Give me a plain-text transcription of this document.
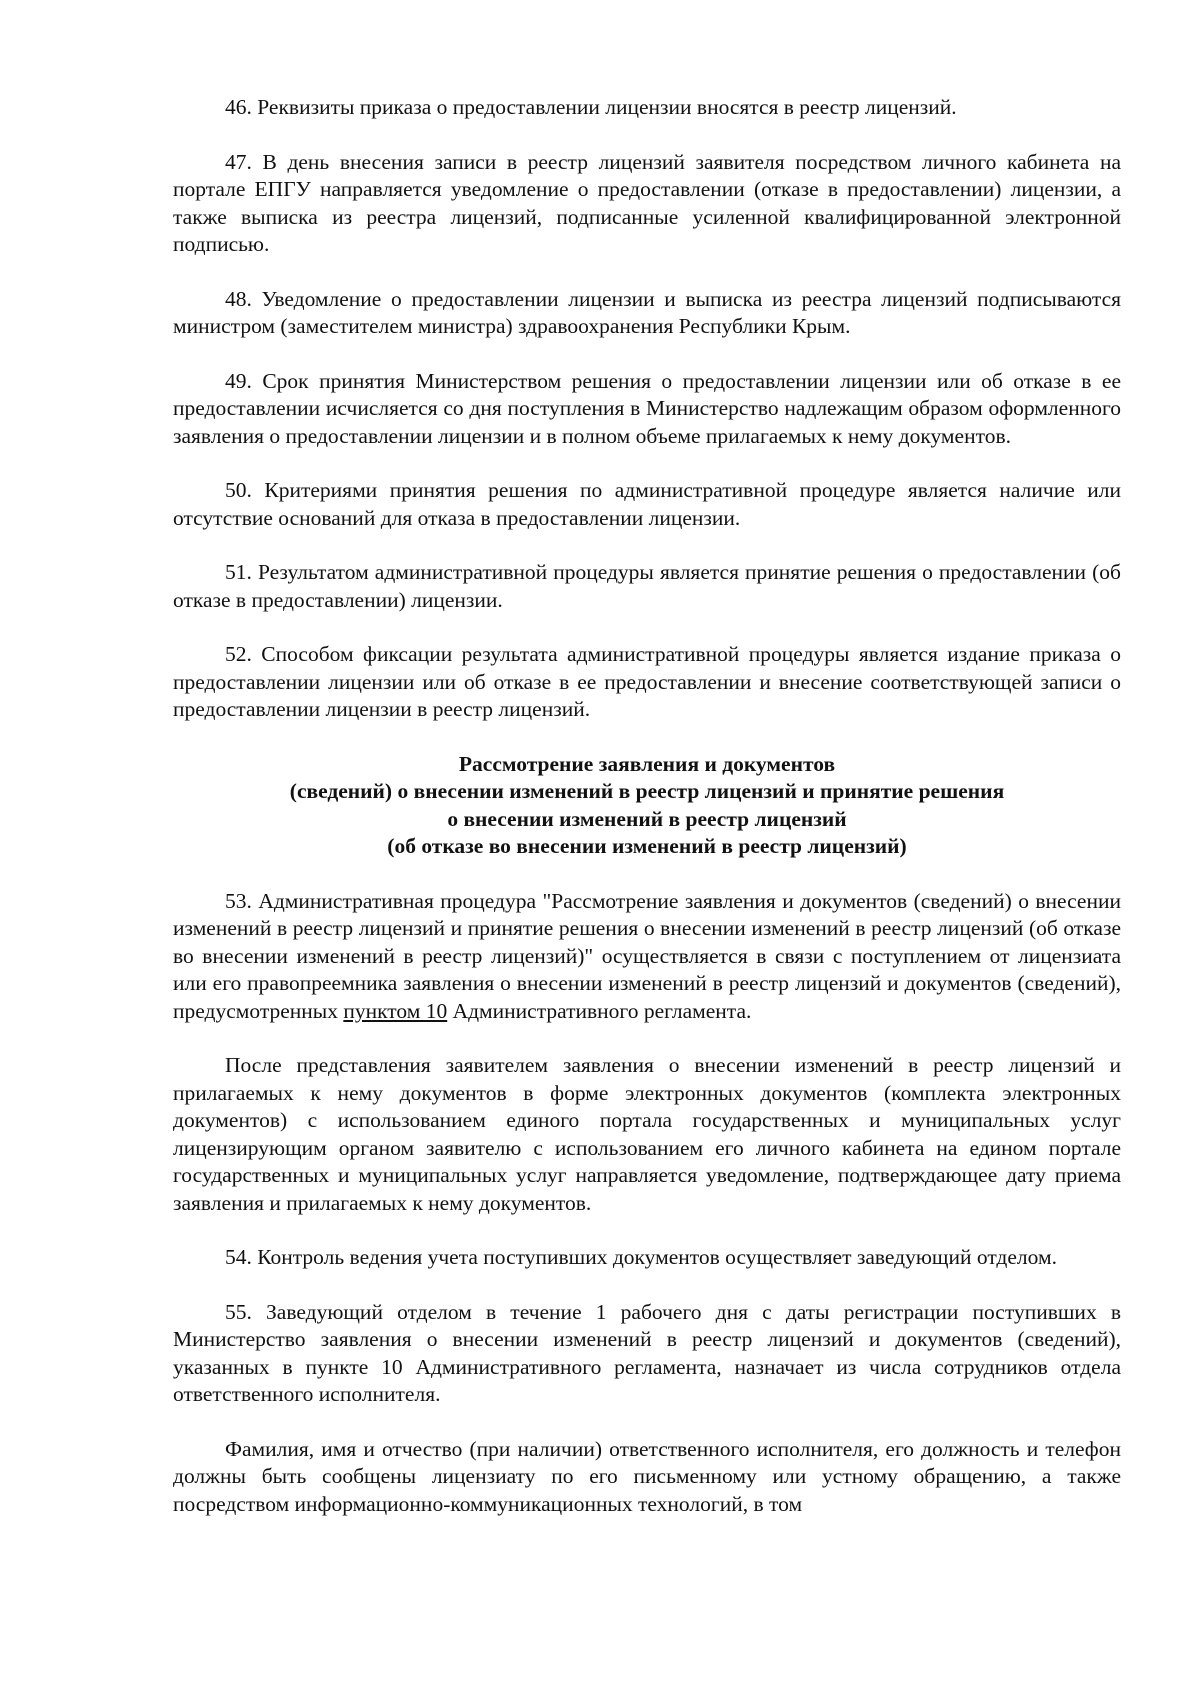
46. Реквизиты приказа о предоставлении лицензии вносятся в реестр лицензий.

47. В день внесения записи в реестр лицензий заявителя посредством личного кабинета на портале ЕПГУ направляется уведомление о предоставлении (отказе в предоставлении) лицензии, а также выписка из реестра лицензий, подписанные усиленной квалифицированной электронной подписью.

48. Уведомление о предоставлении лицензии и выписка из реестра лицензий подписываются министром (заместителем министра) здравоохранения Республики Крым.

49. Срок принятия Министерством решения о предоставлении лицензии или об отказе в ее предоставлении исчисляется со дня поступления в Министерство надлежащим образом оформленного заявления о предоставлении лицензии и в полном объеме прилагаемых к нему документов.

50. Критериями принятия решения по административной процедуре является наличие или отсутствие оснований для отказа в предоставлении лицензии.

51. Результатом административной процедуры является принятие решения о предоставлении (об отказе в предоставлении) лицензии.

52. Способом фиксации результата административной процедуры является издание приказа о предоставлении лицензии или об отказе в ее предоставлении и внесение соответствующей записи о предоставлении лицензии в реестр лицензий.

Рассмотрение заявления и документов
(сведений) о внесении изменений в реестр лицензий и принятие решения
о внесении изменений в реестр лицензий
(об отказе во внесении изменений в реестр лицензий)

53. Административная процедура "Рассмотрение заявления и документов (сведений) о внесении изменений в реестр лицензий и принятие решения о внесении изменений в реестр лицензий (об отказе во внесении изменений в реестр лицензий)" осуществляется в связи с поступлением от лицензиата или его правопреемника заявления о внесении изменений в реестр лицензий и документов (сведений), предусмотренных пунктом 10 Административного регламента.

После представления заявителем заявления о внесении изменений в реестр лицензий и прилагаемых к нему документов в форме электронных документов (комплекта электронных документов) с использованием единого портала государственных и муниципальных услуг лицензирующим органом заявителю с использованием его личного кабинета на едином портале государственных и муниципальных услуг направляется уведомление, подтверждающее дату приема заявления и прилагаемых к нему документов.

54. Контроль ведения учета поступивших документов осуществляет заведующий отделом.

55. Заведующий отделом в течение 1 рабочего дня с даты регистрации поступивших в Министерство заявления о внесении изменений в реестр лицензий и документов (сведений), указанных в пункте 10 Административного регламента, назначает из числа сотрудников отдела ответственного исполнителя.

Фамилия, имя и отчество (при наличии) ответственного исполнителя, его должность и телефон должны быть сообщены лицензиату по его письменному или устному обращению, а также посредством информационно-коммуникационных технологий, в том
